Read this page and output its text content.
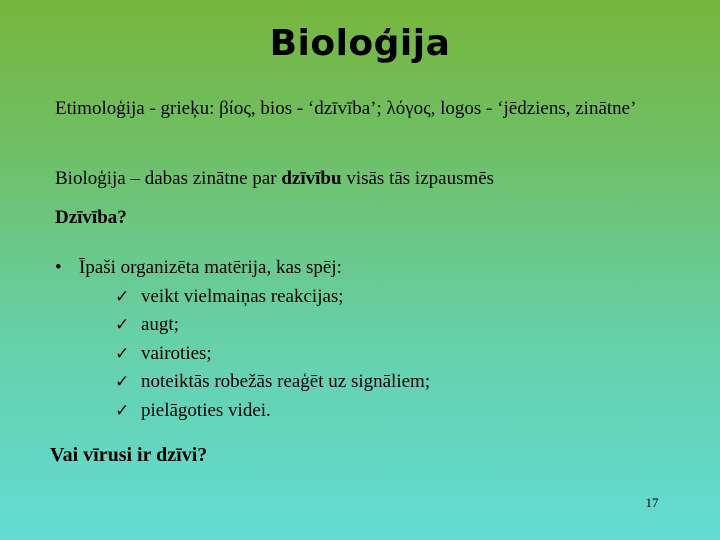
Bioloģija
Etimoloģija - grieķu: βίος, bios - ‘dzīvība’; λόγος, logos - ‘jēdziens, zinātne’
Bioloģija – dabas zinātne par dzīvību visās tās izpausmēs
Dzīvība?
• Īpaši organizēta matērija, kas spēj:
✓ veikt vielmaiņas reakcijas;
✓ augt;
✓ vairoties;
✓ noteiktās robežās reaģēt uz signāliem;
✓ pielāgoties videi.
Vai vīrusi ir dzīvi?
17
